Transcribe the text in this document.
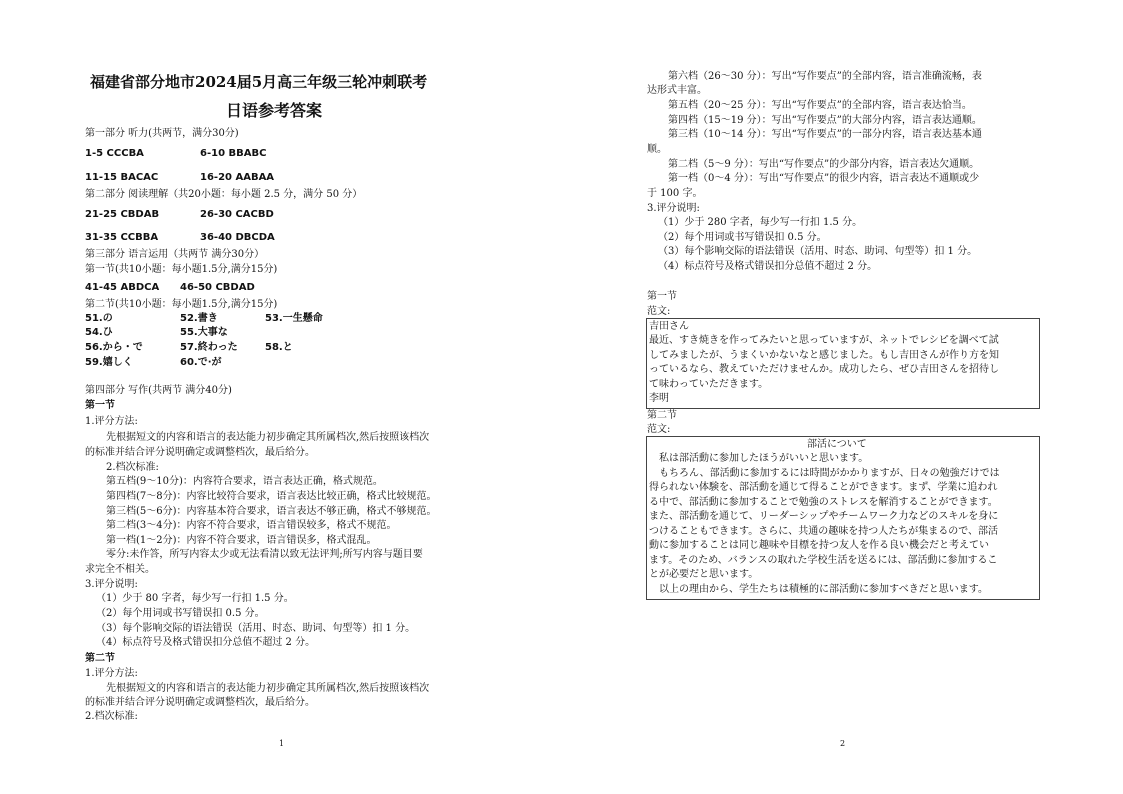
福建省部分地市2024届5月高三年级三轮冲刺联考
日语参考答案
第一部分 听力(共两节，满分30分)
1-5 CCCBA	6-10 BBABC
11-15 BACAC	16-20 AABAA
第二部分 阅读理解（共20小题：每小题 2.5 分，满分 50 分）
21-25 CBDAB	26-30 CACBD
31-35 CCBBA	36-40 DBCDA
第三部分 语言运用（共两节 满分30分）
第一节(共10小题：每小题1.5分,满分15分)
41-45 ABDCA 46-50 CBDAD
第二节(共10小题：每小题1.5分,满分15分)
51.の	52.書き	53.一生懸命
54.ひ	55.大事な
56.から・で	57.終わった	58.と
59.嬉しく	60.で·が
第四部分 写作(共两节 满分40分)
第一节
1.评分方法:
先根据短文的内容和语言的表达能力初步确定其所属档次,然后按照该档次
的标准并结合评分说明确定或调整档次，最后给分。
2.档次标准:
第五档(9～10分)：内容符合要求，语言表达正确，格式规范。
第四档(7～8分)：内容比较符合要求，语言表达比较正确，格式比较规范。
第三档(5～6分)：内容基本符合要求，语言表达不够正确，格式不够规范。
第二档(3～4分)：内容不符合要求，语言错误较多，格式不规范。
第一档(1～2分)：内容不符合要求，语言错误多，格式混乱。
零分:未作答，所写内容太少或无法看清以致无法评判;所写内容与题目要
求完全不相关。
3.评分说明:
（1）少于 80 字者，每少写一行扣 1.5 分。
（2）每个用词或书写错误扣 0.5 分。
（3）每个影响交际的语法错误（活用、时态、助词、句型等）扣 1 分。
（4）标点符号及格式错误扣分总值不超过 2 分。
第二节
1.评分方法:
先根据短文的内容和语言的表达能力初步确定其所属档次,然后按照该档次
的标准并结合评分说明确定或调整档次，最后给分。
2.档次标准:
1
第六档（26～30 分）：写出“写作要点”的全部内容，语言准确流畅，表
达形式丰富。
第五档（20～25 分）：写出“写作要点”的全部内容，语言表达恰当。
第四档（15～19 分）：写出“写作要点”的大部分内容，语言表达通顺。
第三档（10～14 分）：写出“写作要点”的一部分内容，语言表达基本通
顺。
第二档（5～9 分）：写出“写作要点”的少部分内容，语言表达欠通顺。
第一档（0～4 分）：写出“写作要点”的很少内容，语言表达不通顺或少
于 100 字。
3.评分说明:
（1）少于 280 字者，每少写一行扣 1.5 分。
（2）每个用词或书写错误扣 0.5 分。
（3）每个影响交际的语法错误（活用、时态、助词、句型等）扣 1 分。
（4）标点符号及格式错误扣分总值不超过 2 分。
第一节
范文:
吉田さん
最近、すき焼きを作ってみたいと思っていますが、ネットでレシピを調べて試
してみましたが、うまくいかないなと感じました。もし吉田さんが作り方を知
っているなら、教えていただけませんか。成功したら、ぜひ吉田さんを招待し
て味わっていただきます。
李明
第二节
范文:
部活について
　私は部活動に参加したほうがいいと思います。
　もちろん、部活動に参加するには時間がかかりますが、日々の勉強だけでは
得られない体験を、部活動を通じて得ることができます。まず、学業に追われ
る中で、部活動に参加することで勉強のストレスを解消することができます。
また、部活動を通じて、リーダーシップやチームワーク力などのスキルを身に
つけることもできます。さらに、共通の趣味を持つ人たちが集まるので、部活
動に参加することは同じ趣味や目標を持つ友人を作る良い機会だと考えてい
ます。そのため、バランスの取れた学校生活を送るには、部活動に参加するこ
とが必要だと思います。
　以上の理由から、学生たちは積極的に部活動に参加すべきだと思います。
2
